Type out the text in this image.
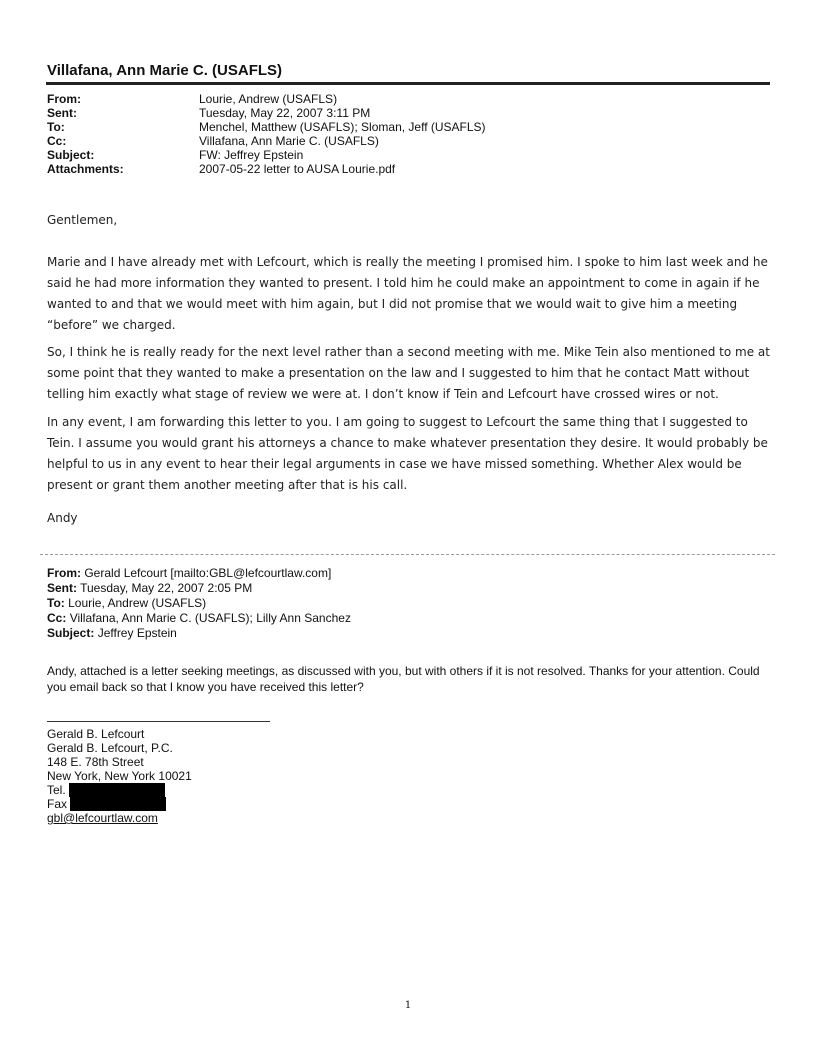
Villafana, Ann Marie C. (USAFLS)
From:	Lourie, Andrew (USAFLS)
Sent:	Tuesday, May 22, 2007 3:11 PM
To:	Menchel, Matthew (USAFLS); Sloman, Jeff (USAFLS)
Cc:	Villafana, Ann Marie C. (USAFLS)
Subject:	FW: Jeffrey Epstein
Attachments:	2007-05-22 letter to AUSA Lourie.pdf

Gentlemen,

Marie and I have already met with Lefcourt, which is really the meeting I promised him. I spoke to him last week and he said he had more information they wanted to present. I told him he could make an appointment to come in again if he wanted to and that we would meet with him again, but I did not promise that we would wait to give him a meeting “before” we charged.

So, I think he is really ready for the next level rather than a second meeting with me. Mike Tein also mentioned to me at some point that they wanted to make a presentation on the law and I suggested to him that he contact Matt without telling him exactly what stage of review we were at. I don’t know if Tein and Lefcourt have crossed wires or not.

In any event, I am forwarding this letter to you. I am going to suggest to Lefcourt the same thing that I suggested to Tein. I assume you would grant his attorneys a chance to make whatever presentation they desire. It would probably be helpful to us in any event to hear their legal arguments in case we have missed something. Whether Alex would be present or grant them another meeting after that is his call.

Andy

From: Gerald Lefcourt [mailto:GBL@lefcourtlaw.com]
Sent: Tuesday, May 22, 2007 2:05 PM
To: Lourie, Andrew (USAFLS)
Cc: Villafana, Ann Marie C. (USAFLS); Lilly Ann Sanchez
Subject: Jeffrey Epstein
Andy, attached is a letter seeking meetings, as discussed with you, but with others if it is not resolved. Thanks for your attention. Could you email back so that I know you have received this letter?
Gerald B. Lefcourt
Gerald B. Lefcourt, P.C.
148 E. 78th Street
New York, New York 10021
Tel.
Fax
gbl@lefcourtlaw.com
1
